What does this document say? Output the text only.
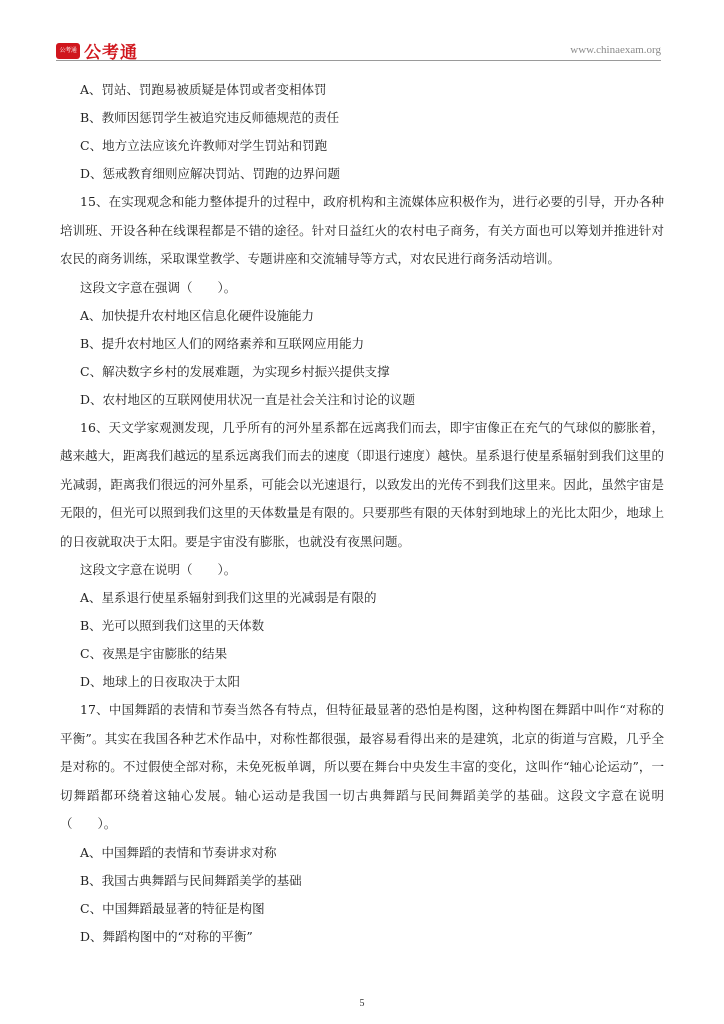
公考通 公考通	www.chinaexam.org
A、罚站、罚跑易被质疑是体罚或者变相体罚
B、教师因惩罚学生被追究违反师德规范的责任
C、地方立法应该允许教师对学生罚站和罚跑
D、惩戒教育细则应解决罚站、罚跑的边界问题
15、在实现观念和能力整体提升的过程中，政府机构和主流媒体应积极作为，进行必要的引导，开办各种培训班、开设各种在线课程都是不错的途径。针对日益红火的农村电子商务，有关方面也可以筹划并推进针对农民的商务训练，采取课堂教学、专题讲座和交流辅导等方式，对农民进行商务活动培训。
这段文字意在强调（　　）。
A、加快提升农村地区信息化硬件设施能力
B、提升农村地区人们的网络素养和互联网应用能力
C、解决数字乡村的发展难题，为实现乡村振兴提供支撑
D、农村地区的互联网使用状况一直是社会关注和讨论的议题
16、天文学家观测发现，几乎所有的河外星系都在远离我们而去，即宇宙像正在充气的气球似的膨胀着，越来越大，距离我们越远的星系远离我们而去的速度（即退行速度）越快。星系退行使星系辐射到我们这里的光减弱，距离我们很远的河外星系，可能会以光速退行，以致发出的光传不到我们这里来。因此，虽然宇宙是无限的，但光可以照到我们这里的天体数量是有限的。只要那些有限的天体射到地球上的光比太阳少，地球上的日夜就取决于太阳。要是宇宙没有膨胀，也就没有夜黑问题。
这段文字意在说明（　　）。
A、星系退行使星系辐射到我们这里的光减弱是有限的
B、光可以照到我们这里的天体数
C、夜黑是宇宙膨胀的结果
D、地球上的日夜取决于太阳
17、中国舞蹈的表情和节奏当然各有特点，但特征最显著的恐怕是构图，这种构图在舞蹈中叫作“对称的平衡”。其实在我国各种艺术作品中，对称性都很强，最容易看得出来的是建筑，北京的街道与宫殿，几乎全是对称的。不过假使全部对称，未免死板单调，所以要在舞台中央发生丰富的变化，这叫作“轴心论运动”，一切舞蹈都环绕着这轴心发展。轴心运动是我国一切古典舞蹈与民间舞蹈美学的基础。这段文字意在说明（　　）。
A、中国舞蹈的表情和节奏讲求对称
B、我国古典舞蹈与民间舞蹈美学的基础
C、中国舞蹈最显著的特征是构图
D、舞蹈构图中的“对称的平衡”
5
